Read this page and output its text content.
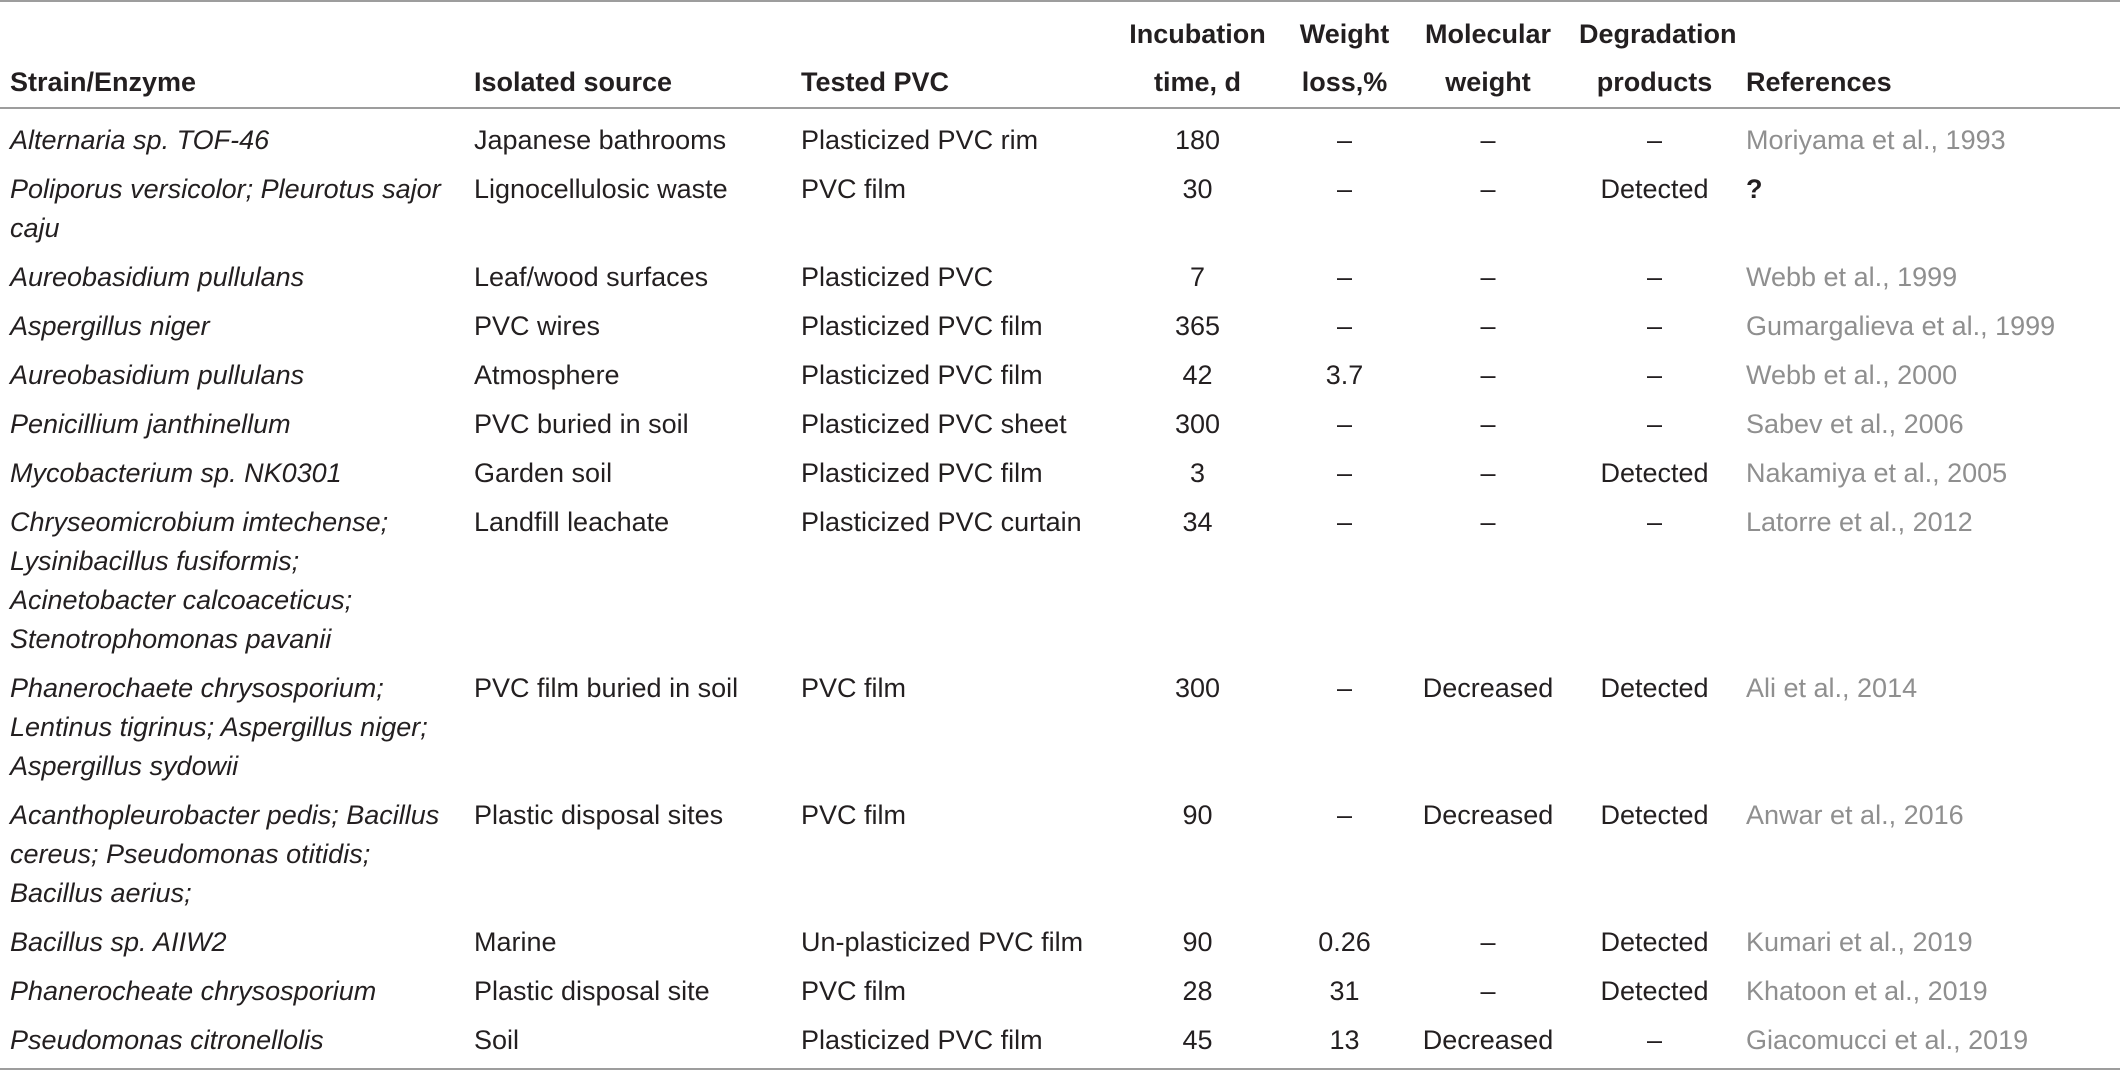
Strain/Enzyme	Isolated source	Tested PVC	Incubation time, d	Weight loss,%	Molecular weight	Degradation products	References
Alternaria sp. TOF-46	Japanese bathrooms	Plasticized PVC rim	180	–	–	–	Moriyama et al., 1993
Poliporus versicolor; Pleurotus sajor caju	Lignocellulosic waste	PVC film	30	–	–	Detected	?
Aureobasidium pullulans	Leaf/wood surfaces	Plasticized PVC	7	–	–	–	Webb et al., 1999
Aspergillus niger	PVC wires	Plasticized PVC film	365	–	–	–	Gumargalieva et al., 1999
Aureobasidium pullulans	Atmosphere	Plasticized PVC film	42	3.7	–	–	Webb et al., 2000
Penicillium janthinellum	PVC buried in soil	Plasticized PVC sheet	300	–	–	–	Sabev et al., 2006
Mycobacterium sp. NK0301	Garden soil	Plasticized PVC film	3	–	–	Detected	Nakamiya et al., 2005
Chryseomicrobium imtechense; Lysinibacillus fusiformis; Acinetobacter calcoaceticus; Stenotrophomonas pavanii	Landfill leachate	Plasticized PVC curtain	34	–	–	–	Latorre et al., 2012
Phanerochaete chrysosporium; Lentinus tigrinus; Aspergillus niger; Aspergillus sydowii	PVC film buried in soil	PVC film	300	–	Decreased	Detected	Ali et al., 2014
Acanthopleurobacter pedis; Bacillus cereus; Pseudomonas otitidis; Bacillus aerius;	Plastic disposal sites	PVC film	90	–	Decreased	Detected	Anwar et al., 2016
Bacillus sp. AIIW2	Marine	Un-plasticized PVC film	90	0.26	–	Detected	Kumari et al., 2019
Phanerocheate chrysosporium	Plastic disposal site	PVC film	28	31	–	Detected	Khatoon et al., 2019
Pseudomonas citronellolis	Soil	Plasticized PVC film	45	13	Decreased	–	Giacomucci et al., 2019
